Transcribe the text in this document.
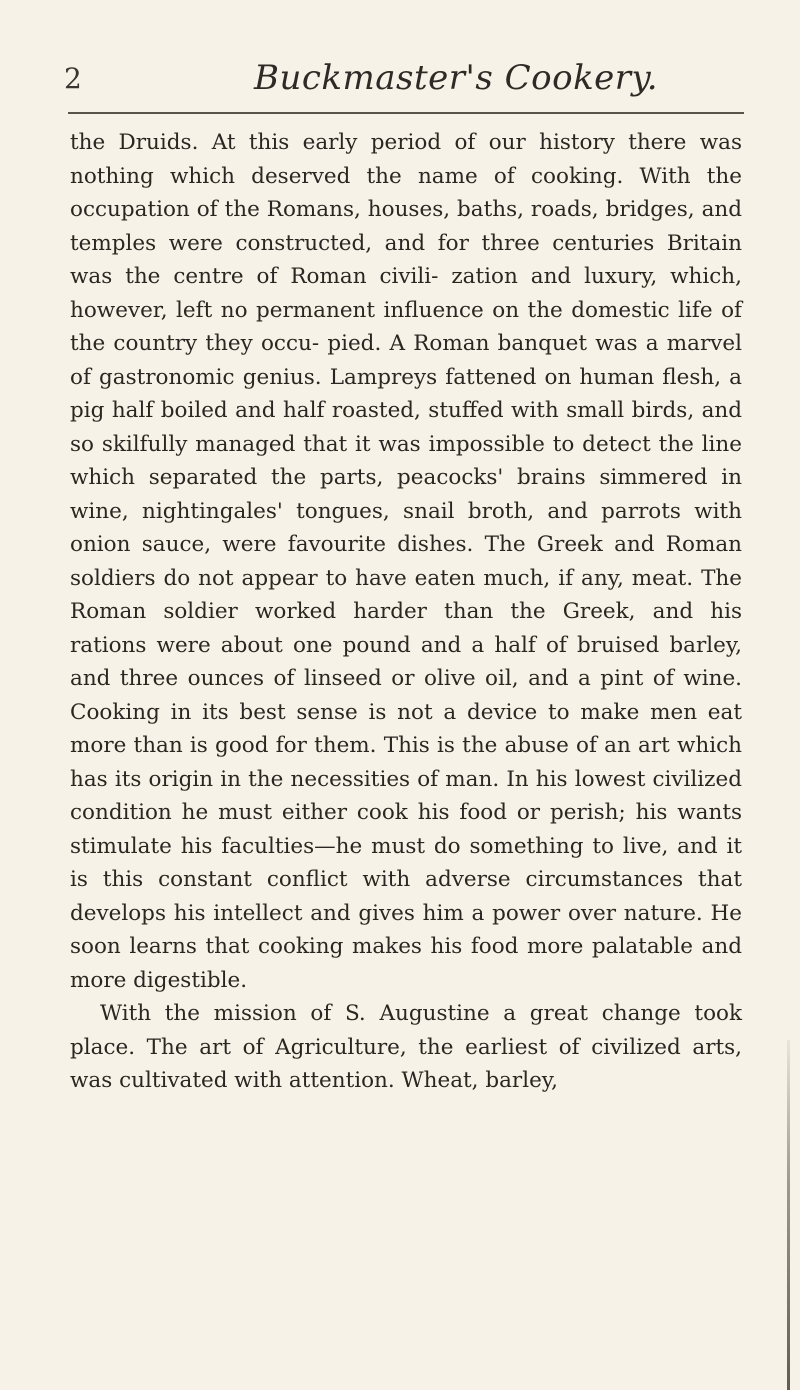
2	Buckmaster's Cookery.

the Druids. At this early period of our history there was nothing which deserved the name of cooking. With the occupation of the Romans, houses, baths, roads, bridges, and temples were constructed, and for three centuries Britain was the centre of Roman civili- zation and luxury, which, however, left no permanent influence on the domestic life of the country they occu- pied. A Roman banquet was a marvel of gastronomic genius. Lampreys fattened on human flesh, a pig half boiled and half roasted, stuffed with small birds, and so skilfully managed that it was impossible to detect the line which separated the parts, peacocks' brains simmered in wine, nightingales' tongues, snail broth, and parrots with onion sauce, were favourite dishes. The Greek and Roman soldiers do not appear to have eaten much, if any, meat. The Roman soldier worked harder than the Greek, and his rations were about one pound and a half of bruised barley, and three ounces of linseed or olive oil, and a pint of wine. Cooking in its best sense is not a device to make men eat more than is good for them. This is the abuse of an art which has its origin in the necessities of man. In his lowest civilized condition he must either cook his food or perish; his wants stimulate his faculties—he must do something to live, and it is this constant conflict with adverse circumstances that develops his intellect and gives him a power over nature. He soon learns that cooking makes his food more palatable and more digestible.

With the mission of S. Augustine a great change took place. The art of Agriculture, the earliest of civilized arts, was cultivated with attention. Wheat, barley,
